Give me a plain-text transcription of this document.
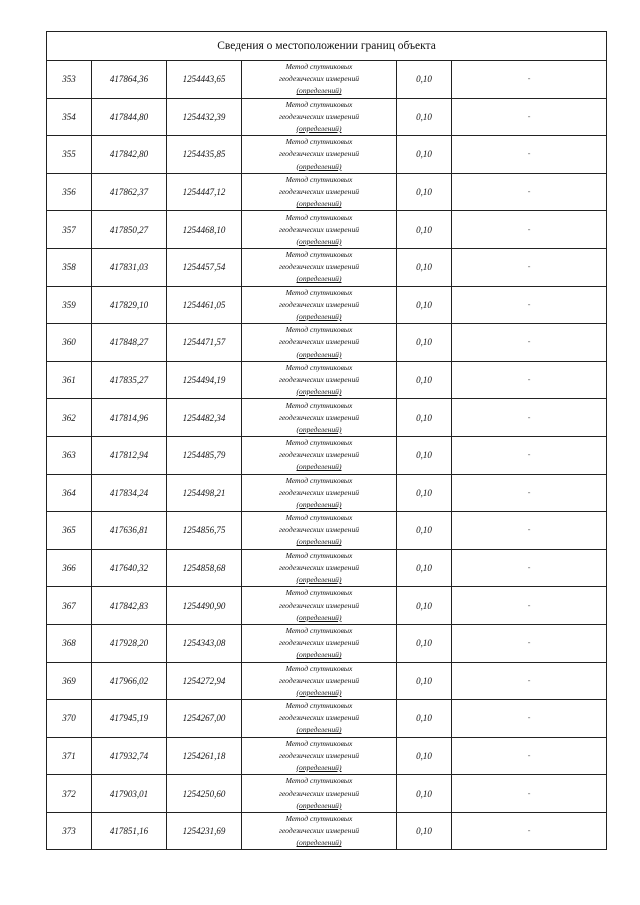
Сведения о местоположении границ объекта					
353	417864,36	1254443,65	Метод спутниковых
геодезических измерений
(определений)	0,10	-
354	417844,80	1254432,39	Метод спутниковых
геодезических измерений
(определений)	0,10	-
355	417842,80	1254435,85	Метод спутниковых
геодезических измерений
(определений)	0,10	-
356	417862,37	1254447,12	Метод спутниковых
геодезических измерений
(определений)	0,10	-
357	417850,27	1254468,10	Метод спутниковых
геодезических измерений
(определений)	0,10	-
358	417831,03	1254457,54	Метод спутниковых
геодезических измерений
(определений)	0,10	-
359	417829,10	1254461,05	Метод спутниковых
геодезических измерений
(определений)	0,10	-
360	417848,27	1254471,57	Метод спутниковых
геодезических измерений
(определений)	0,10	-
361	417835,27	1254494,19	Метод спутниковых
геодезических измерений
(определений)	0,10	-
362	417814,96	1254482,34	Метод спутниковых
геодезических измерений
(определений)	0,10	-
363	417812,94	1254485,79	Метод спутниковых
геодезических измерений
(определений)	0,10	-
364	417834,24	1254498,21	Метод спутниковых
геодезических измерений
(определений)	0,10	-
365	417636,81	1254856,75	Метод спутниковых
геодезических измерений
(определений)	0,10	-
366	417640,32	1254858,68	Метод спутниковых
геодезических измерений
(определений)	0,10	-
367	417842,83	1254490,90	Метод спутниковых
геодезических измерений
(определений)	0,10	-
368	417928,20	1254343,08	Метод спутниковых
геодезических измерений
(определений)	0,10	-
369	417966,02	1254272,94	Метод спутниковых
геодезических измерений
(определений)	0,10	-
370	417945,19	1254267,00	Метод спутниковых
геодезических измерений
(определений)	0,10	-
371	417932,74	1254261,18	Метод спутниковых
геодезических измерений
(определений)	0,10	-
372	417903,01	1254250,60	Метод спутниковых
геодезических измерений
(определений)	0,10	-
373	417851,16	1254231,69	Метод спутниковых
геодезических измерений
(определений)	0,10	-
